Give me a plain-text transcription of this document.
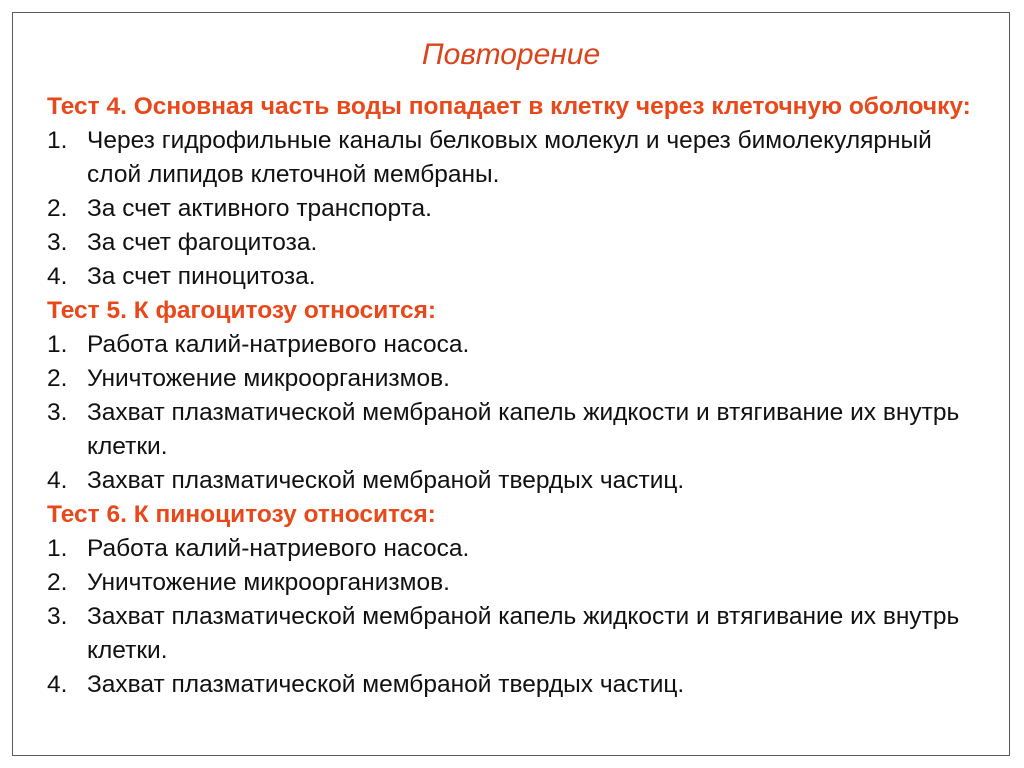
Повторение
Тест 4. Основная часть воды попадает в клетку через клеточную оболочку:
1. Через гидрофильные каналы белковых молекул и через бимолекулярный слой липидов клеточной мембраны.
2. За счет активного транспорта.
3. За счет фагоцитоза.
4. За счет пиноцитоза.
Тест 5. К фагоцитозу относится:
1. Работа калий-натриевого насоса.
2. Уничтожение микроорганизмов.
3. Захват плазматической мембраной капель жидкости и втягивание их внутрь клетки.
4. Захват плазматической мембраной твердых частиц.
Тест 6. К пиноцитозу относится:
1. Работа калий-натриевого насоса.
2. Уничтожение микроорганизмов.
3. Захват плазматической мембраной капель жидкости и втягивание их внутрь клетки.
4. Захват плазматической мембраной твердых частиц.
